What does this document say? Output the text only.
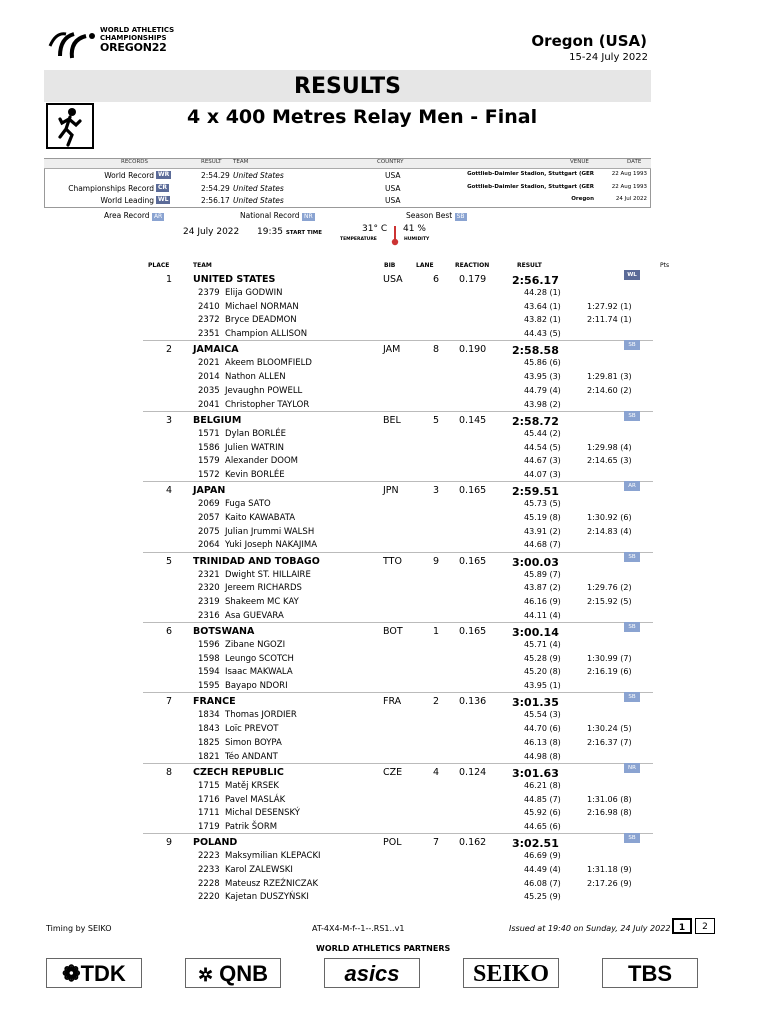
WORLD ATHLETICS
CHAMPIONSHIPS
OREGON22	Oregon (USA)
15-24 July 2022
RESULTS
4 x 400 Metres Relay Men - Final
RECORDS	RESULT TEAM	COUNTRY	VENUE	DATE
World Record WR	2:54.29 United States	USA	Gottlieb-Daimler Stadion, Stuttgart (GER	22 Aug 1993
Championships Record CR	2:54.29 United States	USA	Gottlieb-Daimler Stadion, Stuttgart (GER	22 Aug 1993
World Leading WL	2:56.17 United States	USA	Oregon	24 Jul 2022
Area Record AR	National Record NR	Season Best SB
24 July 2022 19:35 START TIME	31° C
TEMPERATURE
41 %
HUMIDITY
PLACE	TEAM	BIB	LANE	REACTION	RESULT	Pts
1 UNITED STATES	USA	6 0.179 2:56.17	WL
2379 Elija GODWIN	44.28 (1)
2410 Michael NORMAN	43.64 (1)	1:27.92 (1)
2372 Bryce DEADMON	43.82 (1)	2:11.74 (1)
2351 Champion ALLISON	44.43 (5)
2 JAMAICA	JAM	8 0.190 2:58.58	SB
2021 Akeem BLOOMFIELD	45.86 (6)
2014 Nathon ALLEN	43.95 (3)	1:29.81 (3)
2035 Jevaughn POWELL	44.79 (4)	2:14.60 (2)
2041 Christopher TAYLOR	43.98 (2)
3 BELGIUM	BEL	5 0.145 2:58.72	SB
1571 Dylan BORLÉE	45.44 (2)
1586 Julien WATRIN	44.54 (5)	1:29.98 (4)
1579 Alexander DOOM	44.67 (3)	2:14.65 (3)
1572 Kevin BORLÉE	44.07 (3)
4 JAPAN	JPN	3 0.165 2:59.51	AR
2069 Fuga SATO	45.73 (5)
2057 Kaito KAWABATA	45.19 (8)	1:30.92 (6)
2075 Julian Jrummi WALSH	43.91 (2)	2:14.83 (4)
2064 Yuki Joseph NAKAJIMA	44.68 (7)
5 TRINIDAD AND TOBAGO	TTO	9 0.165 3:00.03	SB
2321 Dwight ST. HILLAIRE	45.89 (7)
2320 Jereem RICHARDS	43.87 (2)	1:29.76 (2)
2319 Shakeem MC KAY	46.16 (9)	2:15.92 (5)
2316 Asa GUEVARA	44.11 (4)
6 BOTSWANA	BOT	1 0.165 3:00.14	SB
1596 Zibane NGOZI	45.71 (4)
1598 Leungo SCOTCH	45.28 (9)	1:30.99 (7)
1594 Isaac MAKWALA	45.20 (8)	2:16.19 (6)
1595 Bayapo NDORI	43.95 (1)
7 FRANCE	FRA	2 0.136 3:01.35	SB
1834 Thomas JORDIER	45.54 (3)
1843 Loïc PREVOT	44.70 (6)	1:30.24 (5)
1825 Simon BOYPA	46.13 (8)	2:16.37 (7)
1821 Téo ANDANT	44.98 (8)
8 CZECH REPUBLIC	CZE	4 0.124 3:01.63	NR
1715 Matěj KRSEK	46.21 (8)
1716 Pavel MASLÁK	44.85 (7)	1:31.06 (8)
1711 Michal DESENSKÝ	45.92 (6)	2:16.98 (8)
1719 Patrik ŠORM	44.65 (6)
9 POLAND	POL	7 0.162 3:02.51	SB
2223 Maksymilian KLEPACKI	46.69 (9)
2233 Karol ZALEWSKI	44.49 (4)	1:31.18 (9)
2228 Mateusz RZEŹNICZAK	46.08 (7)	2:17.26 (9)
2220 Kajetan DUSZYŃSKI	45.25 (9)
Timing by SEIKO	AT-4X4-M-f--1--.RS1..v1	Issued at 19:40 on Sunday, 24 July 2022 1	2
WORLD ATHLETICS PARTNERS
❁TDK	✲ QNB	asics	SEIKO	TBS
